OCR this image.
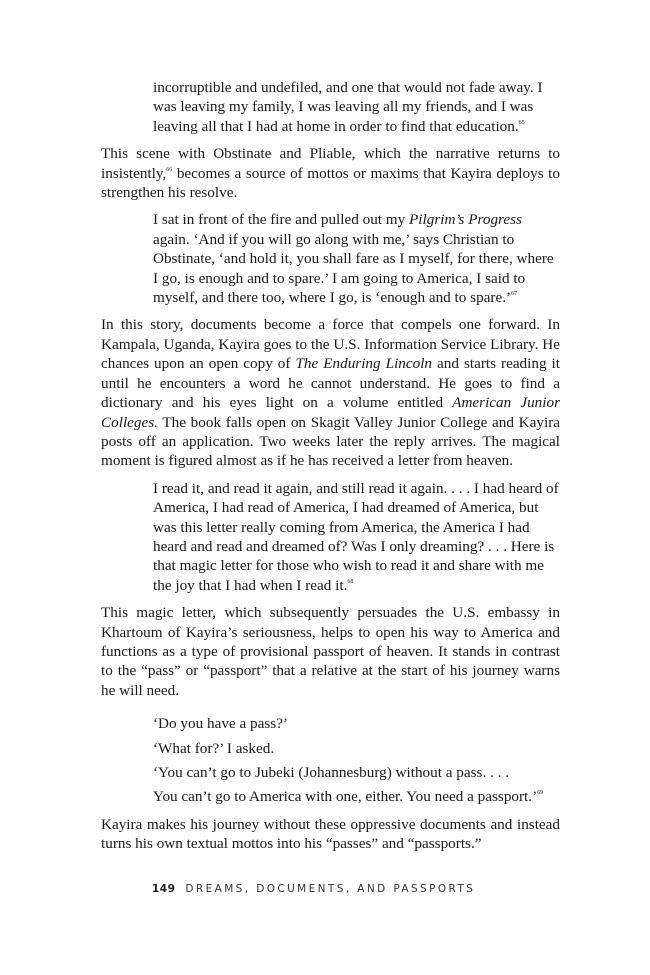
incorruptible and undefiled, and one that would not fade away. I was leaving my family, I was leaving all my friends, and I was leaving all that I had at home in order to find that education.$^{65}$

This scene with Obstinate and Pliable, which the narrative returns to insistently,$^{66}$ becomes a source of mottos or maxims that Kayira deploys to strengthen his resolve.

I sat in front of the fire and pulled out my Pilgrim’s Progress again. ‘And if you will go along with me,’ says Christian to Obstinate, ‘and hold it, you shall fare as I myself, for there, where I go, is enough and to spare.’ I am going to America, I said to myself, and there too, where I go, is ‘enough and to spare.’$^{67}$

In this story, documents become a force that compels one forward. In Kampala, Uganda, Kayira goes to the U.S. Information Service Library. He chances upon an open copy of The Enduring Lincoln and starts reading it until he encounters a word he cannot understand. He goes to find a dictionary and his eyes light on a volume entitled American Junior Colleges. The book falls open on Skagit Valley Junior College and Kayira posts off an application. Two weeks later the reply arrives. The magical moment is figured almost as if he has received a letter from heaven.

I read it, and read it again, and still read it again. . . . I had heard of America, I had read of America, I had dreamed of America, but was this letter really coming from America, the America I had heard and read and dreamed of? Was I only dreaming? . . . Here is that magic letter for those who wish to read it and share with me the joy that I had when I read it.$^{68}$

This magic letter, which subsequently persuades the U.S. embassy in Khartoum of Kayira’s seriousness, helps to open his way to America and functions as a type of provisional passport of heaven. It stands in contrast to the “pass” or “passport” that a relative at the start of his journey warns he will need.

‘Do you have a pass?’

‘What for?’ I asked.

‘You can’t go to Jubeki (Johannesburg) without a pass. . . .

You can’t go to America with one, either. You need a passport.’$^{69}$

Kayira makes his journey without these oppressive documents and instead turns his own textual mottos into his “passes” and “passports.”

149 DREAMS, DOCUMENTS, AND PASSPORTS
